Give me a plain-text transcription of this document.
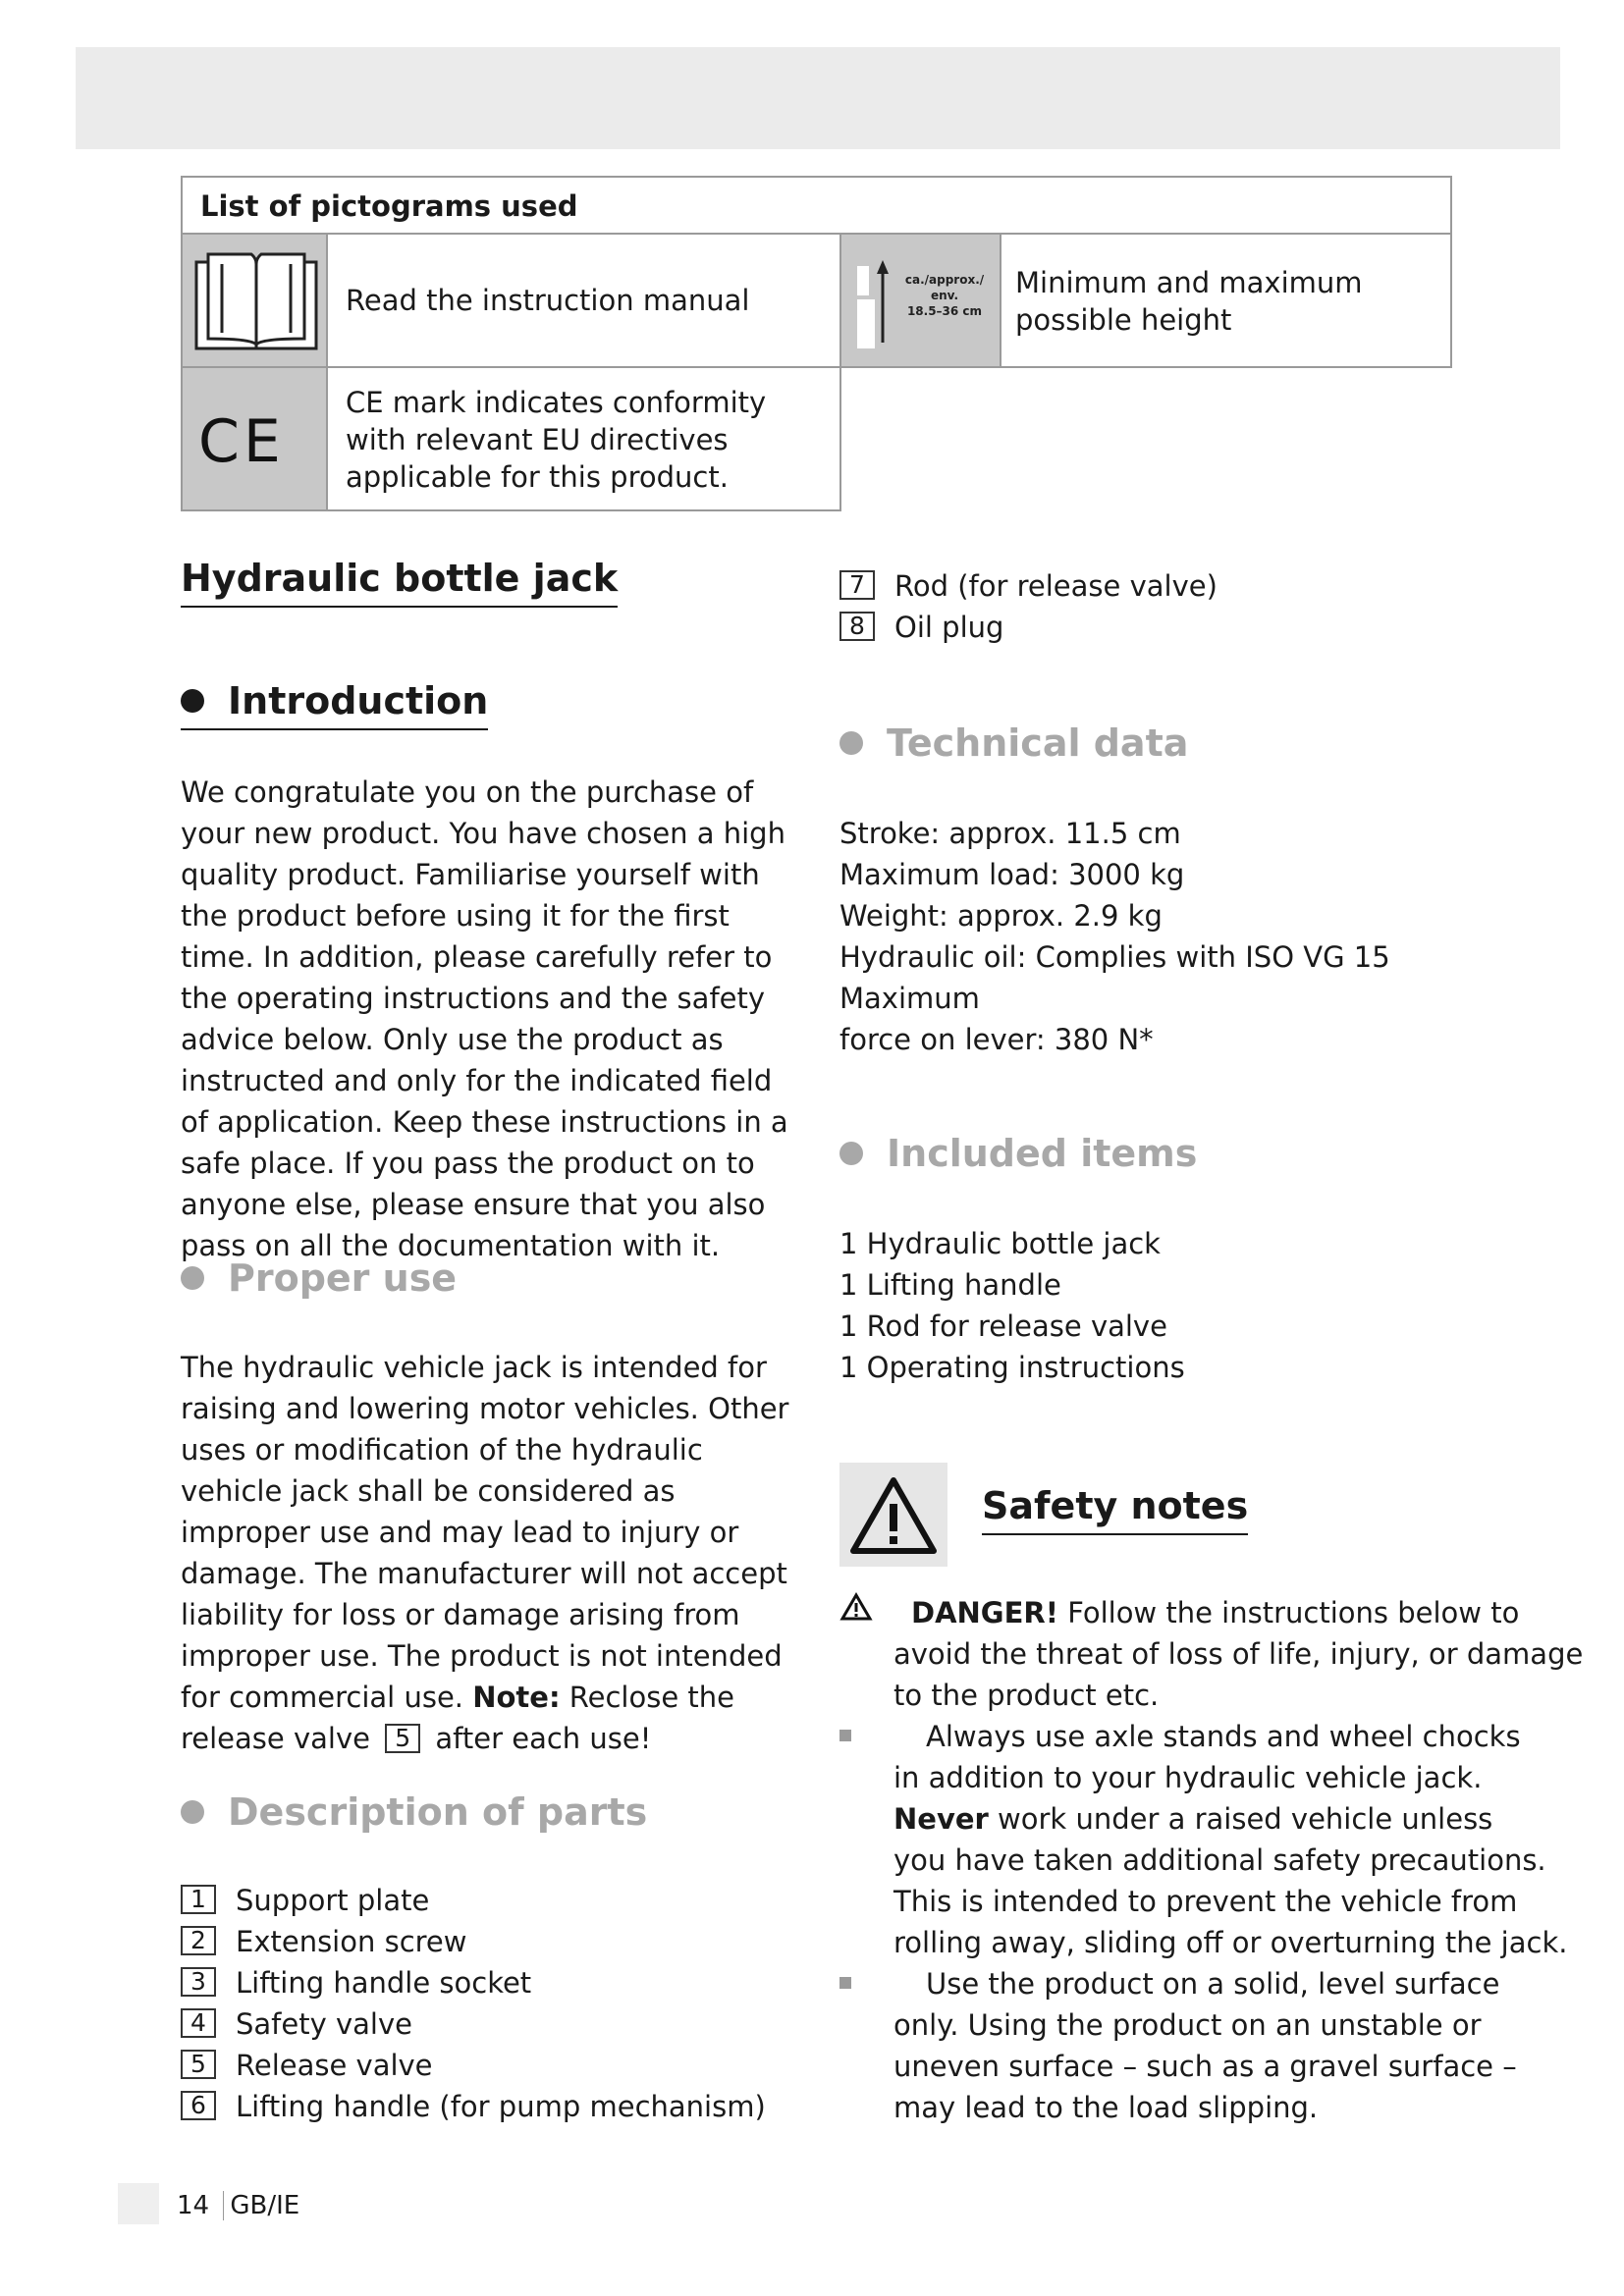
List of pictograms used
Read the instruction manual
ca./approx./
env.
18.5–36 cm
Minimum and maximum possible height
CE
CE mark indicates conformity with relevant EU directives applicable for this product.
Hydraulic bottle jack
Introduction
We congratulate you on the purchase of your new product. You have chosen a high quality product. Familiarise yourself with the product before using it for the first time. In addition, please carefully refer to the operating instructions and the safety advice below. Only use the product as instructed and only for the indicated field of application. Keep these instructions in a safe place. If you pass the product on to anyone else, please ensure that you also pass on all the documentation with it.
Proper use
The hydraulic vehicle jack is intended for raising and lowering motor vehicles. Other uses or modification of the hydraulic vehicle jack shall be considered as improper use and may lead to injury or damage. The manufacturer will not accept liability for loss or damage arising from improper use. The product is not intended for commercial use. Note: Reclose the release valve 5 after each use!
Description of parts
1 Support plate
2 Extension screw
3 Lifting handle socket
4 Safety valve
5 Release valve
6 Lifting handle (for pump mechanism)
7 Rod (for release valve)
8 Oil plug
Technical data
Stroke: approx. 11.5 cm
Maximum load: 3000 kg
Weight: approx. 2.9 kg
Hydraulic oil: Complies with ISO VG 15
Maximum
force on lever: 380 N*
Included items
1 Hydraulic bottle jack
1 Lifting handle
1 Rod for release valve
1 Operating instructions
Safety notes
DANGER! Follow the instructions below to
avoid the threat of loss of life, injury, or damage
to the product etc.
Always use axle stands and wheel chocks
in addition to your hydraulic vehicle jack.
Never work under a raised vehicle unless
you have taken additional safety precautions.
This is intended to prevent the vehicle from
rolling away, sliding off or overturning the jack.
Use the product on a solid, level surface
only. Using the product on an unstable or
uneven surface – such as a gravel surface –
may lead to the load slipping.
14 GB/IE
